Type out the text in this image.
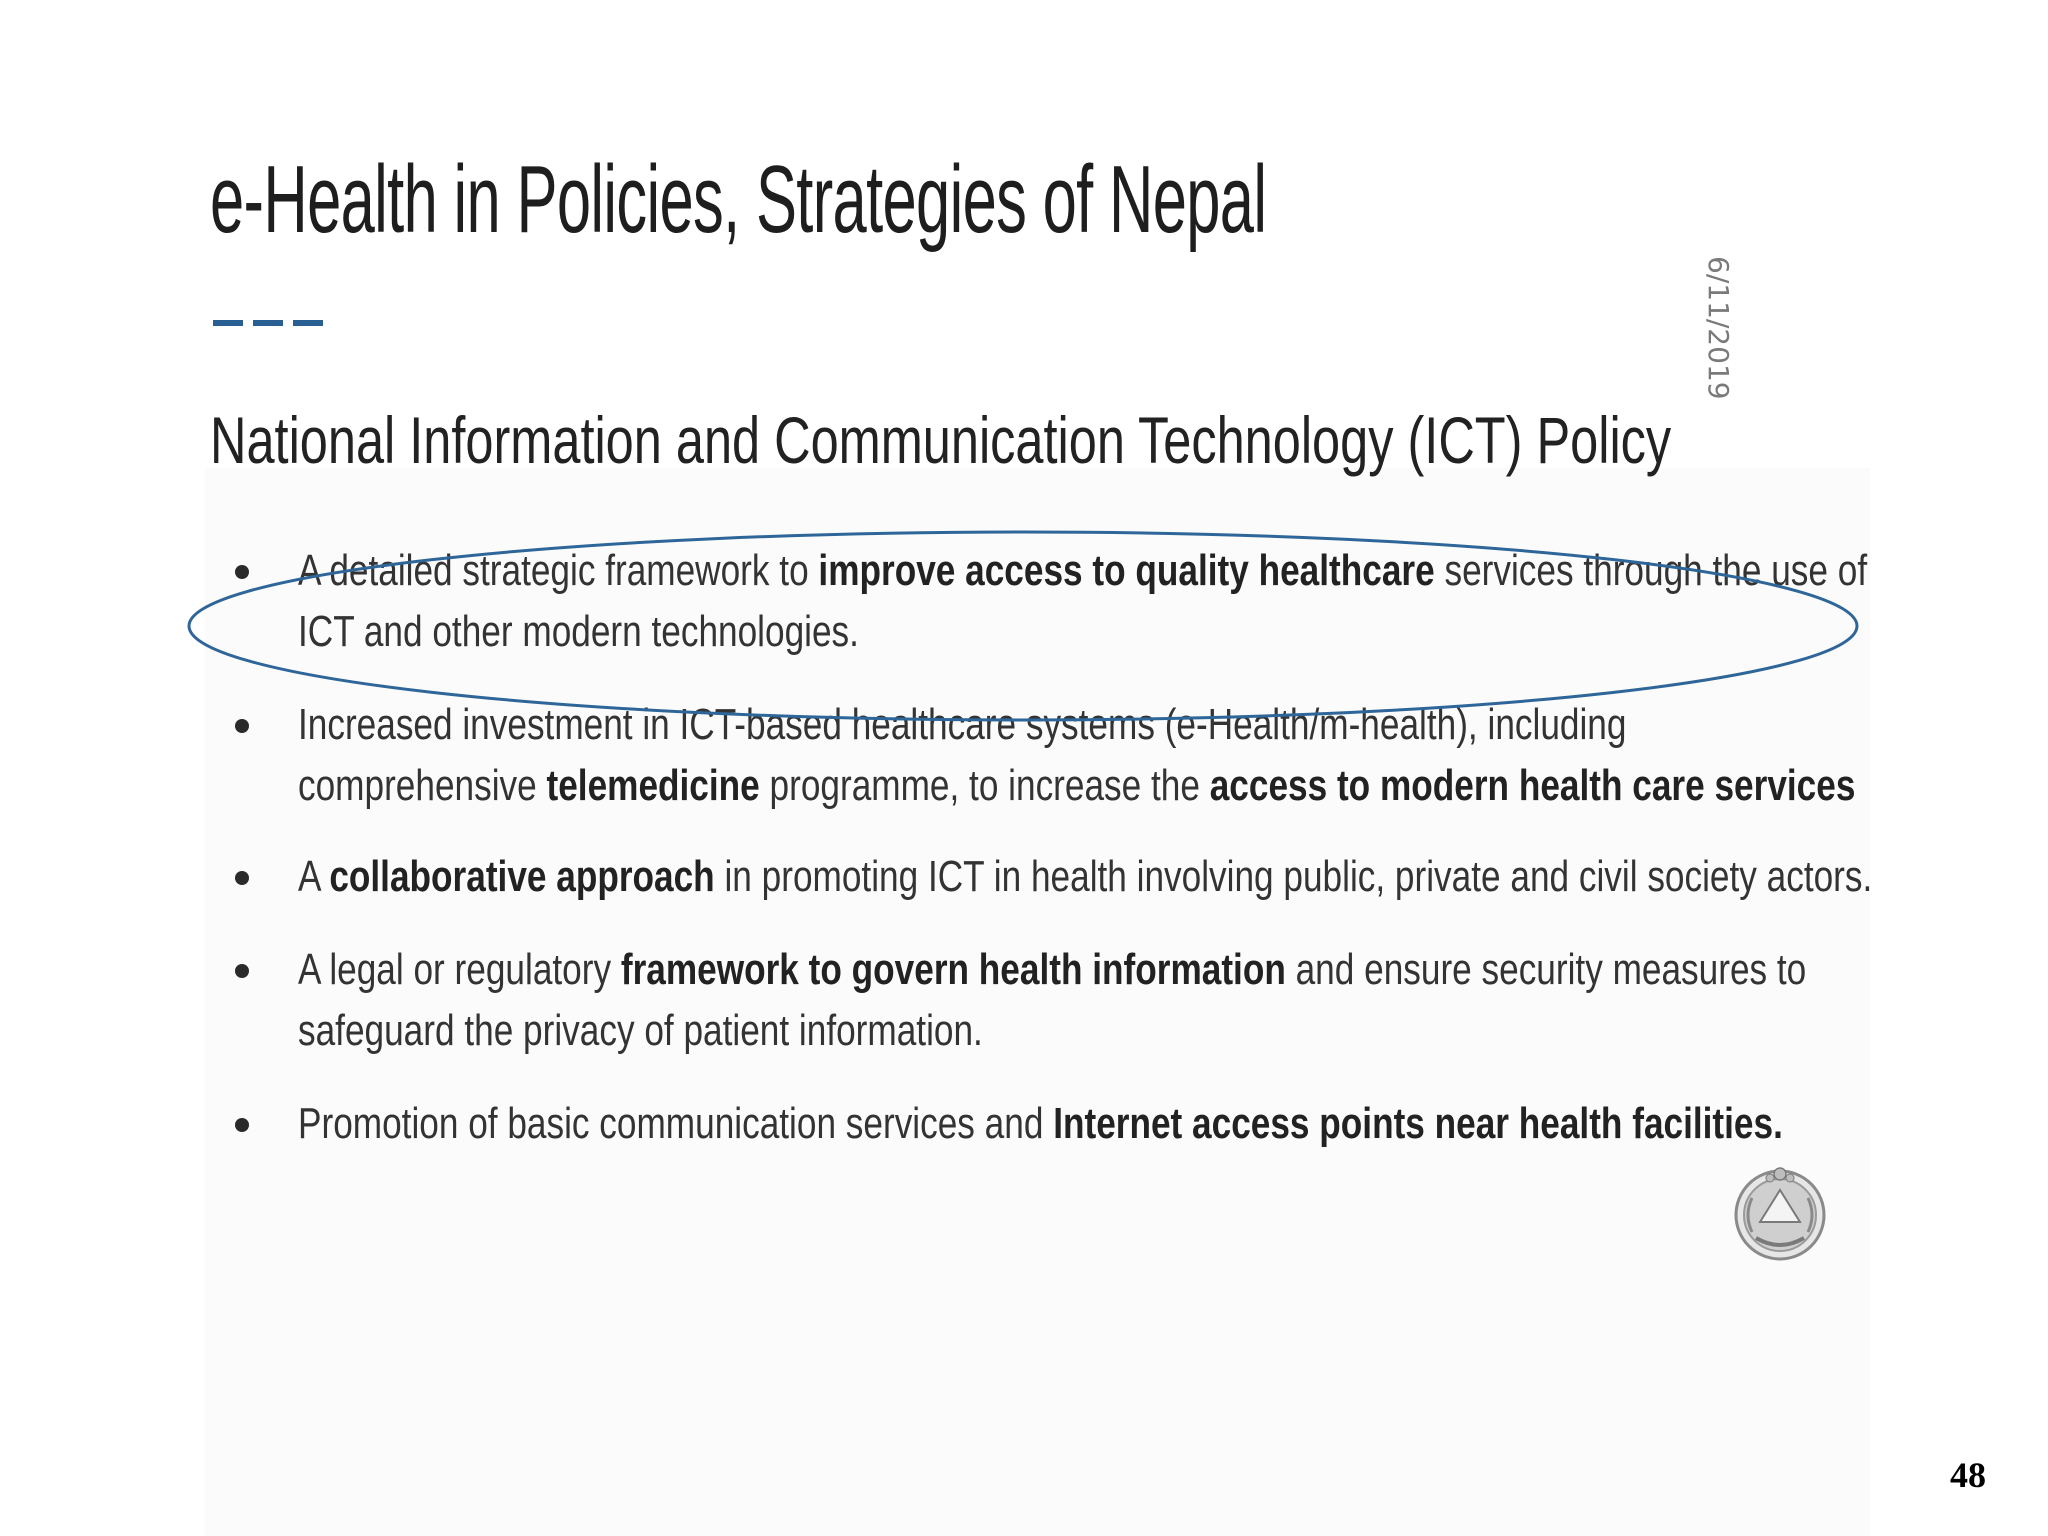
e-Health in Policies, Strategies of Nepal
6/11/2019
National Information and Communication Technology (ICT) Policy
A detailed strategic framework to improve access to quality healthcare services through the use of
ICT and other modern technologies.
Increased investment in ICT-based healthcare systems (e-Health/m-health), including
comprehensive telemedicine programme, to increase the access to modern health care services
A collaborative approach in promoting ICT in health involving public, private and civil society actors.
A legal or regulatory framework to govern health information and ensure security measures to
safeguard the privacy of patient information.
Promotion of basic communication services and Internet access points near health facilities.
48
